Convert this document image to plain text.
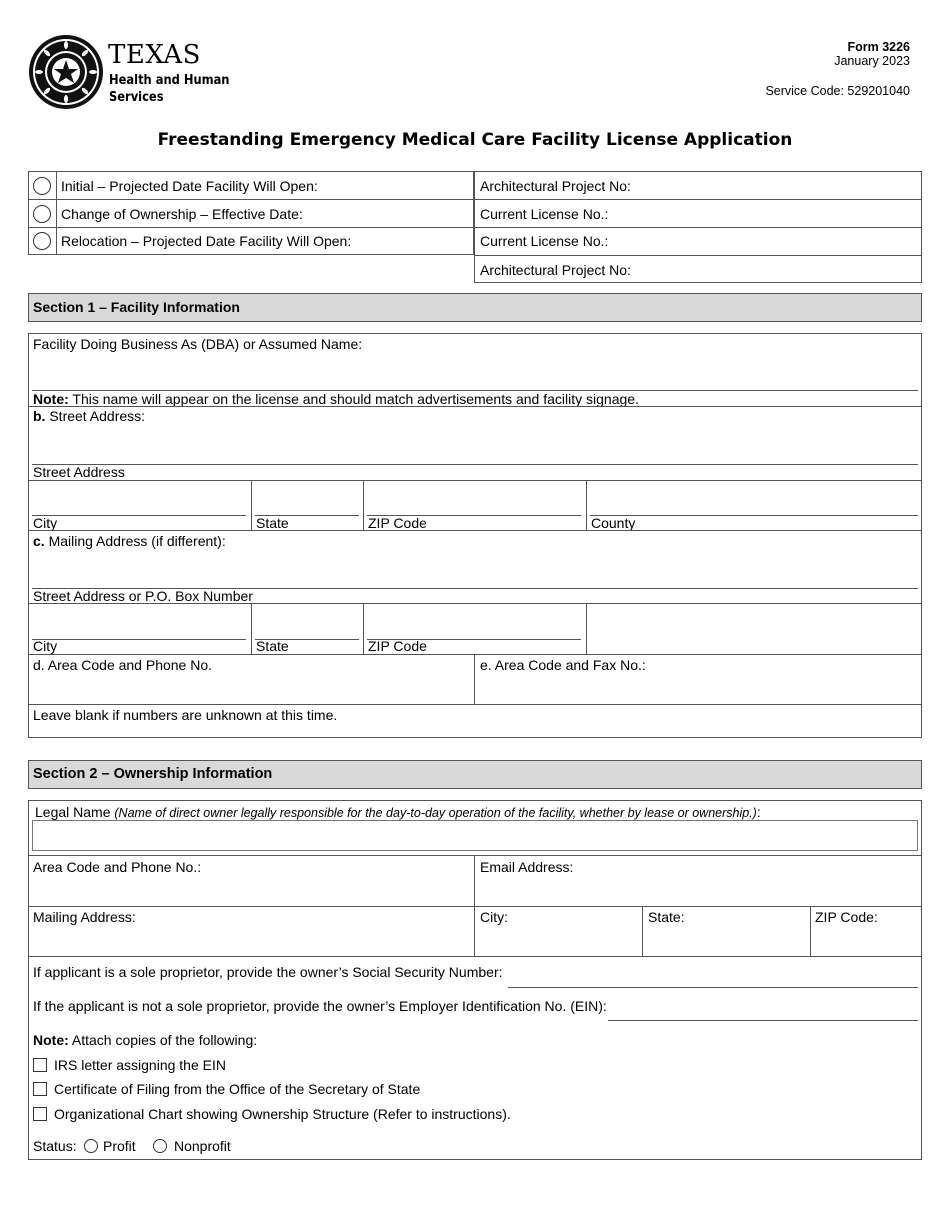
TEXAS
Health and Human
Services
Form 3226
January 2023
Service Code: 529201040
Freestanding Emergency Medical Care Facility License Application
Initial – Projected Date Facility Will Open:	Architectural Project No:
Change of Ownership – Effective Date:	Current License No.:
Relocation – Projected Date Facility Will Open:	Current License No.:
Architectural Project No:
Section 1 – Facility Information
Facility Doing Business As (DBA) or Assumed Name:
Note: This name will appear on the license and should match advertisements and facility signage.
b. Street Address:
Street Address
City	State	ZIP Code	County
c. Mailing Address (if different):
Street Address or P.O. Box Number
City	State	ZIP Code
d. Area Code and Phone No.	e. Area Code and Fax No.:
Leave blank if numbers are unknown at this time.
Section 2 – Ownership Information
Legal Name (Name of direct owner legally responsible for the day-to-day operation of the facility, whether by lease or ownership.):
Area Code and Phone No.:	Email Address:
Mailing Address:	City:	State:	ZIP Code:
If applicant is a sole proprietor, provide the owner’s Social Security Number:
If the applicant is not a sole proprietor, provide the owner’s Employer Identification No. (EIN):
Note: Attach copies of the following:
IRS letter assigning the EIN
Certificate of Filing from the Office of the Secretary of State
Organizational Chart showing Ownership Structure (Refer to instructions).
Status: Profit	Nonprofit
